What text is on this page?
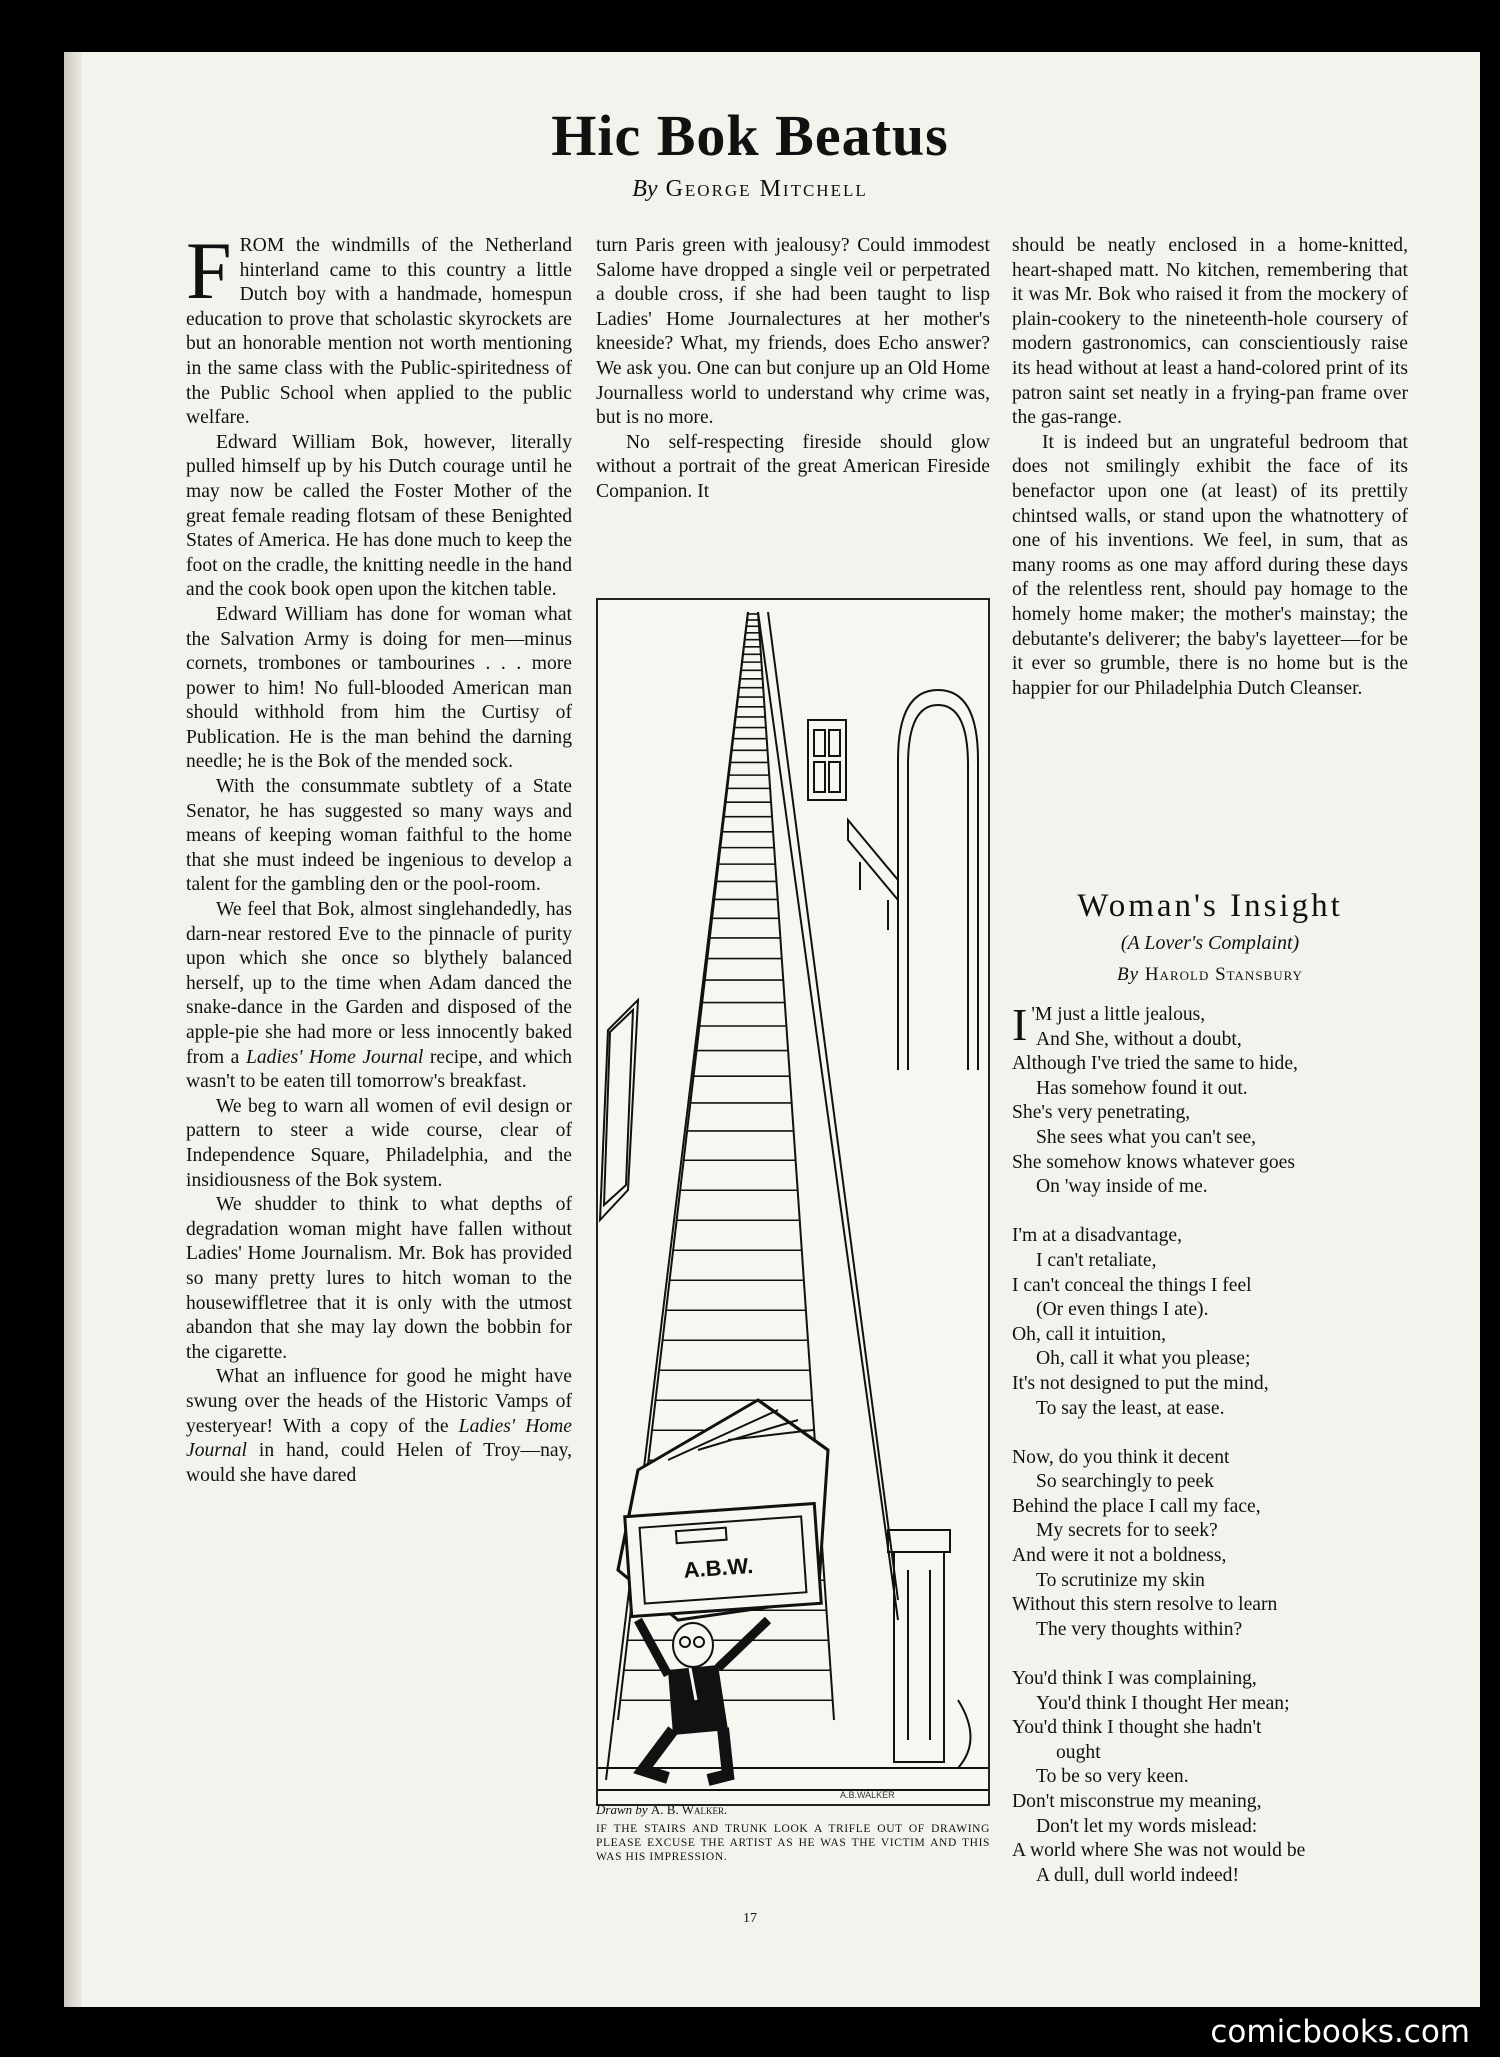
Hic Bok Beatus
By George Mitchell

FROM the windmills of the Netherland hinterland came to this country a little Dutch boy with a handmade, homespun education to prove that scholastic skyrockets are but an honorable mention not worth mentioning in the same class with the Public-spiritedness of the Public School when applied to the public welfare.

Edward William Bok, however, literally pulled himself up by his Dutch courage until he may now be called the Foster Mother of the great female reading flotsam of these Benighted States of America. He has done much to keep the foot on the cradle, the knitting needle in the hand and the cook book open upon the kitchen table.

Edward William has done for woman what the Salvation Army is doing for men—minus cornets, trombones or tambourines . . . more power to him! No full-blooded American man should withhold from him the Curtisy of Publication. He is the man behind the darning needle; he is the Bok of the mended sock.

With the consummate subtlety of a State Senator, he has suggested so many ways and means of keeping woman faithful to the home that she must indeed be ingenious to develop a talent for the gambling den or the pool-room.

We feel that Bok, almost singlehandedly, has darn-near restored Eve to the pinnacle of purity upon which she once so blythely balanced herself, up to the time when Adam danced the snake-dance in the Garden and disposed of the apple-pie she had more or less innocently baked from a Ladies' Home Journal recipe, and which wasn't to be eaten till tomorrow's breakfast.

We beg to warn all women of evil design or pattern to steer a wide course, clear of Independence Square, Philadelphia, and the insidiousness of the Bok system.

We shudder to think to what depths of degradation woman might have fallen without Ladies' Home Journalism. Mr. Bok has provided so many pretty lures to hitch woman to the housewiffletree that it is only with the utmost abandon that she may lay down the bobbin for the cigarette.

What an influence for good he might have swung over the heads of the Historic Vamps of yesteryear! With a copy of the Ladies' Home Journal in hand, could Helen of Troy—nay, would she have dared

turn Paris green with jealousy? Could immodest Salome have dropped a single veil or perpetrated a double cross, if she had been taught to lisp Ladies' Home Journalectures at her mother's kneeside? What, my friends, does Echo answer? We ask you. One can but conjure up an Old Home Journalless world to understand why crime was, but is no more.

No self-respecting fireside should glow without a portrait of the great American Fireside Companion. It

A.B.W.
A.B.WALKER
Drawn by A. B. Walker.
IF THE STAIRS AND TRUNK LOOK A TRIFLE OUT OF DRAWING PLEASE EXCUSE THE ARTIST AS HE WAS THE VICTIM AND THIS WAS HIS IMPRESSION.

should be neatly enclosed in a home-knitted, heart-shaped matt. No kitchen, remembering that it was Mr. Bok who raised it from the mockery of plain-cookery to the nineteenth-hole coursery of modern gastronomics, can conscientiously raise its head without at least a hand-colored print of its patron saint set neatly in a frying-pan frame over the gas-range.

It is indeed but an ungrateful bedroom that does not smilingly exhibit the face of its benefactor upon one (at least) of its prettily chintsed walls, or stand upon the whatnottery of one of his inventions. We feel, in sum, that as many rooms as one may afford during these days of the relentless rent, should pay homage to the homely home maker; the mother's mainstay; the debutante's deliverer; the baby's layetteer—for be it ever so grumble, there is no home but is the happier for our Philadelphia Dutch Cleanser.

Woman's Insight
(A Lover's Complaint)
By Harold Stansbury
I 'M just a little jealous,
And She, without a doubt,
Although I've tried the same to hide,
Has somehow found it out.
She's very penetrating,
She sees what you can't see,
She somehow knows whatever goes
On 'way inside of me.
I'm at a disadvantage,
I can't retaliate,
I can't conceal the things I feel
(Or even things I ate).
Oh, call it intuition,
Oh, call it what you please;
It's not designed to put the mind,
To say the least, at ease.
Now, do you think it decent
So searchingly to peek
Behind the place I call my face,
My secrets for to seek?
And were it not a boldness,
To scrutinize my skin
Without this stern resolve to learn
The very thoughts within?
You'd think I was complaining,
You'd think I thought Her mean;
You'd think I thought she hadn't
ought
To be so very keen.
Don't misconstrue my meaning,
Don't let my words mislead:
A world where She was not would be
A dull, dull world indeed!
17
comicbooks.com
